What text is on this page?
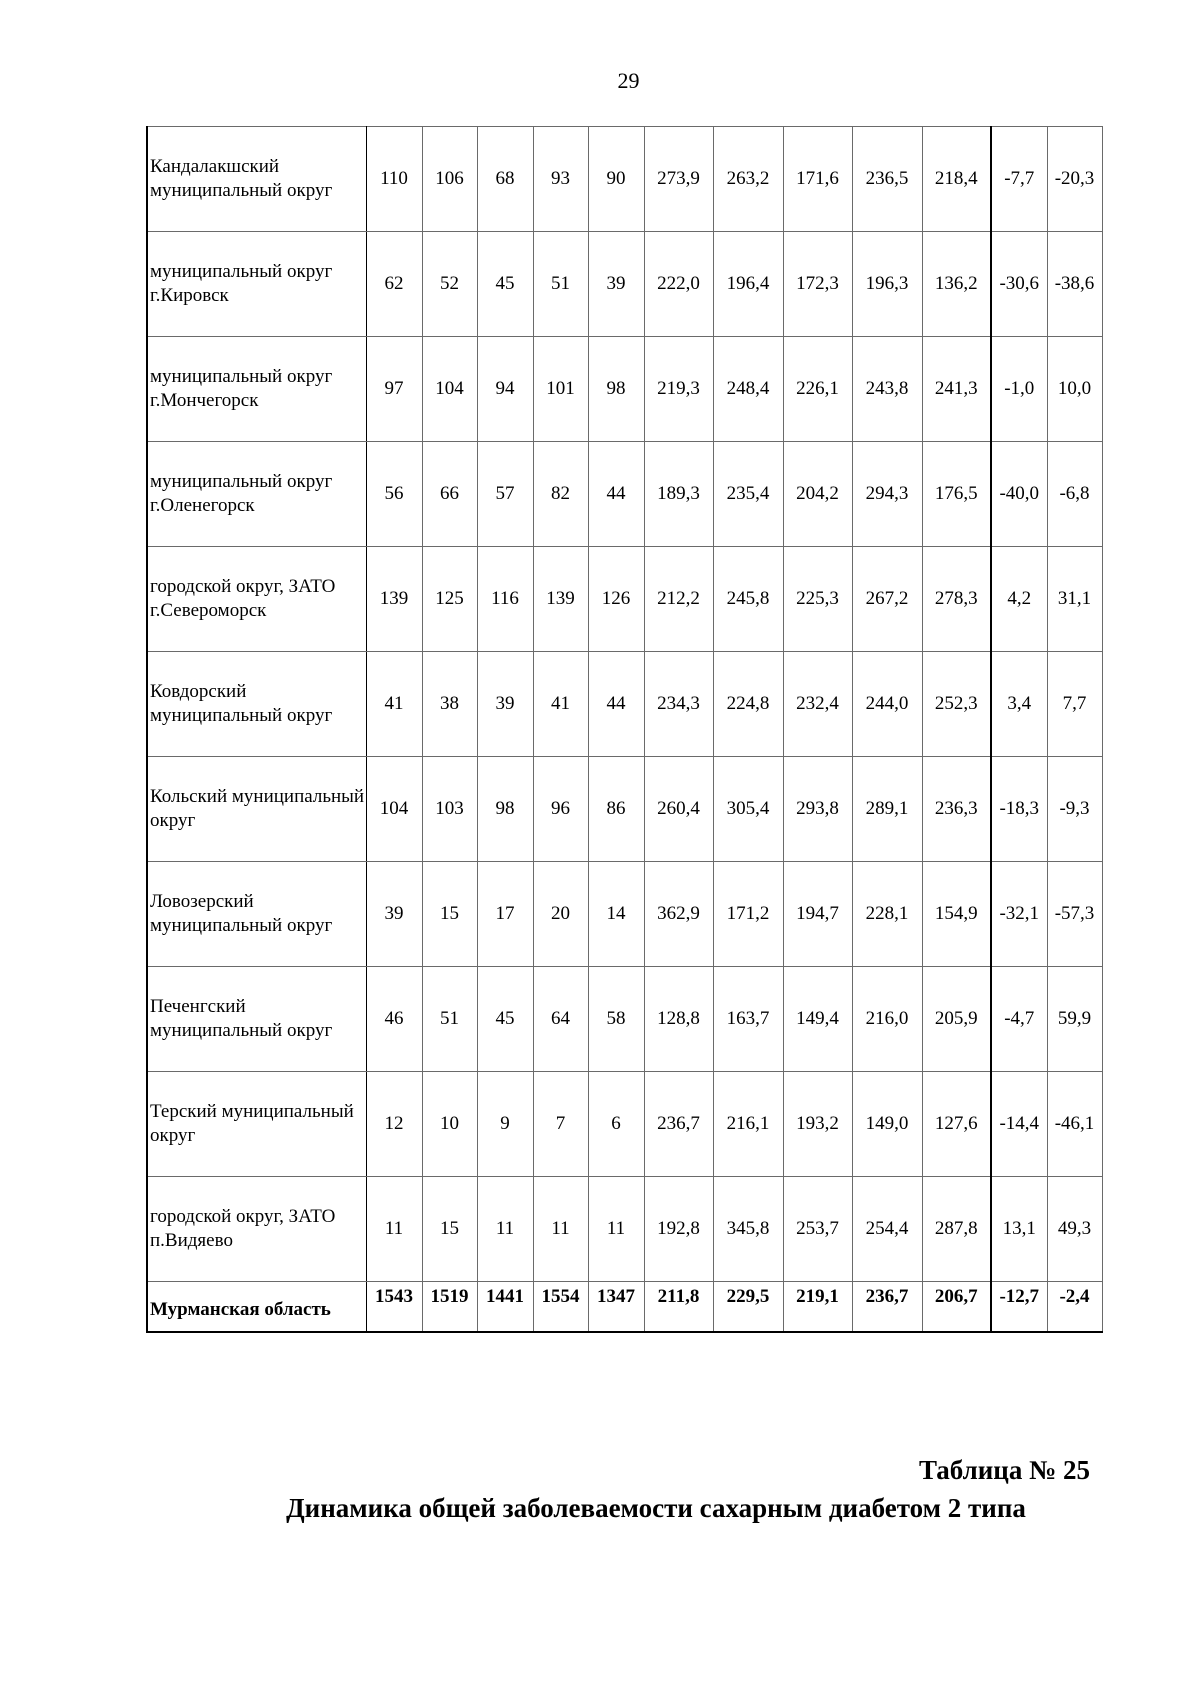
29
Кандалакшский муниципальный округ	110	106	68	93	90	273,9	263,2	171,6	236,5	218,4	-7,7	-20,3
муниципальный округ г.Кировск	62	52	45	51	39	222,0	196,4	172,3	196,3	136,2	-30,6	-38,6
муниципальный округ г.Мончегорск	97	104	94	101	98	219,3	248,4	226,1	243,8	241,3	-1,0	10,0
муниципальный округ г.Оленегорск	56	66	57	82	44	189,3	235,4	204,2	294,3	176,5	-40,0	-6,8
городской округ, ЗАТО г.Североморск	139	125	116	139	126	212,2	245,8	225,3	267,2	278,3	4,2	31,1
Ковдорский муниципальный округ	41	38	39	41	44	234,3	224,8	232,4	244,0	252,3	3,4	7,7
Кольский муниципальный округ	104	103	98	96	86	260,4	305,4	293,8	289,1	236,3	-18,3	-9,3
Ловозерский муниципальный округ	39	15	17	20	14	362,9	171,2	194,7	228,1	154,9	-32,1	-57,3
Печенгский муниципальный округ	46	51	45	64	58	128,8	163,7	149,4	216,0	205,9	-4,7	59,9
Терский муниципальный округ	12	10	9	7	6	236,7	216,1	193,2	149,0	127,6	-14,4	-46,1
городской округ, ЗАТО п.Видяево	11	15	11	11	11	192,8	345,8	253,7	254,4	287,8	13,1	49,3
Мурманская область	1543	1519	1441	1554	1347	211,8	229,5	219,1	236,7	206,7	-12,7	-2,4
Таблица № 25
Динамика общей заболеваемости сахарным диабетом 2 типа
